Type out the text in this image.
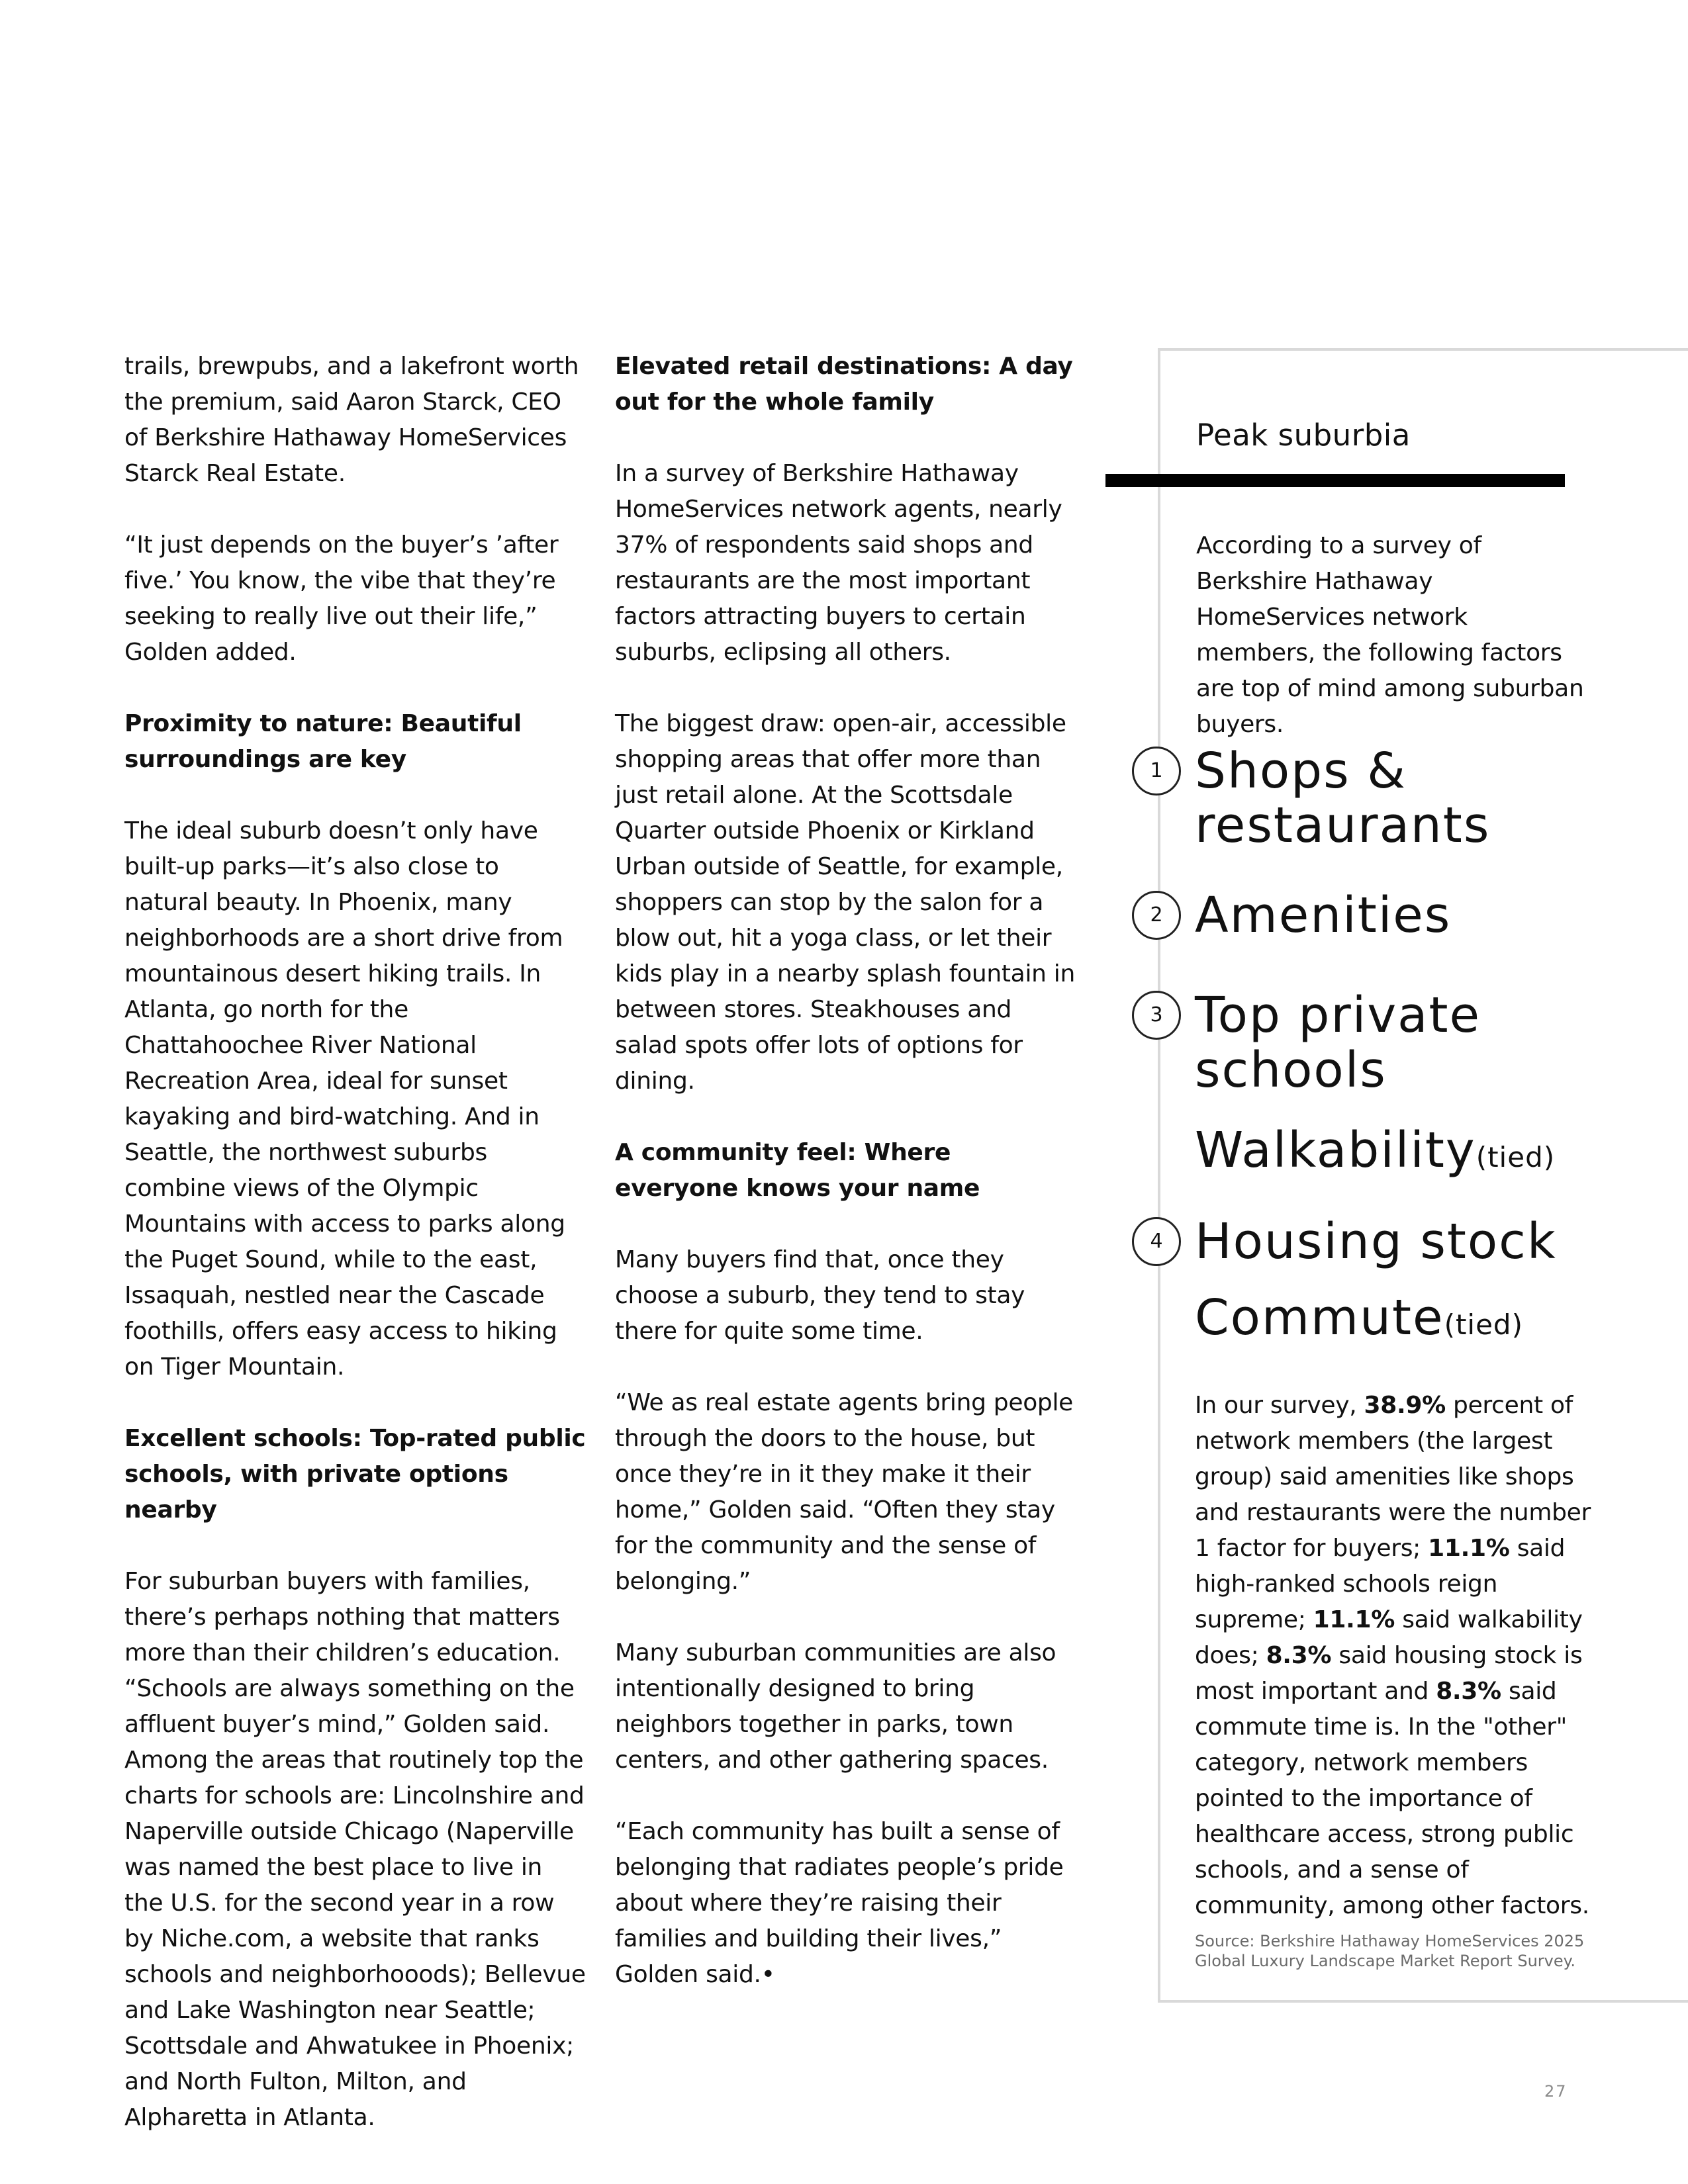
trails, brewpubs, and a lakefront worth the premium, said Aaron Starck, CEO of Berkshire Hathaway HomeServices Starck Real Estate.

“It just depends on the buyer’s ’after five.’ You know, the vibe that they’re seeking to really live out their life,” Golden added.

Proximity to nature: Beautiful surroundings are key

The ideal suburb doesn’t only have built-up parks—it’s also close to natural beauty. In Phoenix, many neighborhoods are a short drive from mountainous desert hiking trails. In Atlanta, go north for the Chattahoochee River National Recreation Area, ideal for sunset kayaking and bird-watching. And in Seattle, the northwest suburbs combine views of the Olympic Mountains with access to parks along the Puget Sound, while to the east, Issaquah, nestled near the Cascade foothills, offers easy access to hiking on Tiger Mountain.

Excellent schools: Top-rated public schools, with private options nearby

For suburban buyers with families, there’s perhaps nothing that matters more than their children’s education. “Schools are always something on the affluent buyer’s mind,” Golden said. Among the areas that routinely top the charts for schools are: Lincolnshire and Naperville outside Chicago (Naperville was named the best place to live in the U.S. for the second year in a row by Niche.com, a website that ranks schools and neighborhooods); Bellevue and Lake Washington near Seattle; Scottsdale and Ahwatukee in Phoenix; and North Fulton, Milton, and Alpharetta in Atlanta.

Elevated retail destinations: A day out for the whole family

In a survey of Berkshire Hathaway HomeServices network agents, nearly 37% of respondents said shops and restaurants are the most important factors attracting buyers to certain suburbs, eclipsing all others.

The biggest draw: open-air, accessible shopping areas that offer more than just retail alone. At the Scottsdale Quarter outside Phoenix or Kirkland Urban outside of Seattle, for example, shoppers can stop by the salon for a blow out, hit a yoga class, or let their kids play in a nearby splash fountain in between stores. Steakhouses and salad spots offer lots of options for dining.

A community feel: Where everyone knows your name

Many buyers find that, once they choose a suburb, they tend to stay there for quite some time.

“We as real estate agents bring people through the doors to the house, but once they’re in it they make it their home,” Golden said. “Often they stay for the community and the sense of belonging.”

Many suburban communities are also intentionally designed to bring neighbors together in parks, town centers, and other gathering spaces.

“Each community has built a sense of belonging that radiates people’s pride about where they’re raising their families and building their lives,” Golden said.•

Peak suburbia
According to a survey of Berkshire Hathaway HomeServices network members, the following factors are top of mind among suburban buyers.
1 Shops &
restaurants
2 Amenities
3 Top private
schools
Walkability(tied)
4 Housing stock
Commute(tied)
In our survey, 38.9% percent of network members (the largest group) said amenities like shops and restaurants were the number 1 factor for buyers; 11.1% said high-ranked schools reign supreme; 11.1% said walkability does; 8.3% said housing stock is most important and 8.3% said commute time is. In the "other" category, network members pointed to the importance of healthcare access, strong public schools, and a sense of community, among other factors.
Source: Berkshire Hathaway HomeServices 2025 Global Luxury Landscape Market Report Survey.
27
